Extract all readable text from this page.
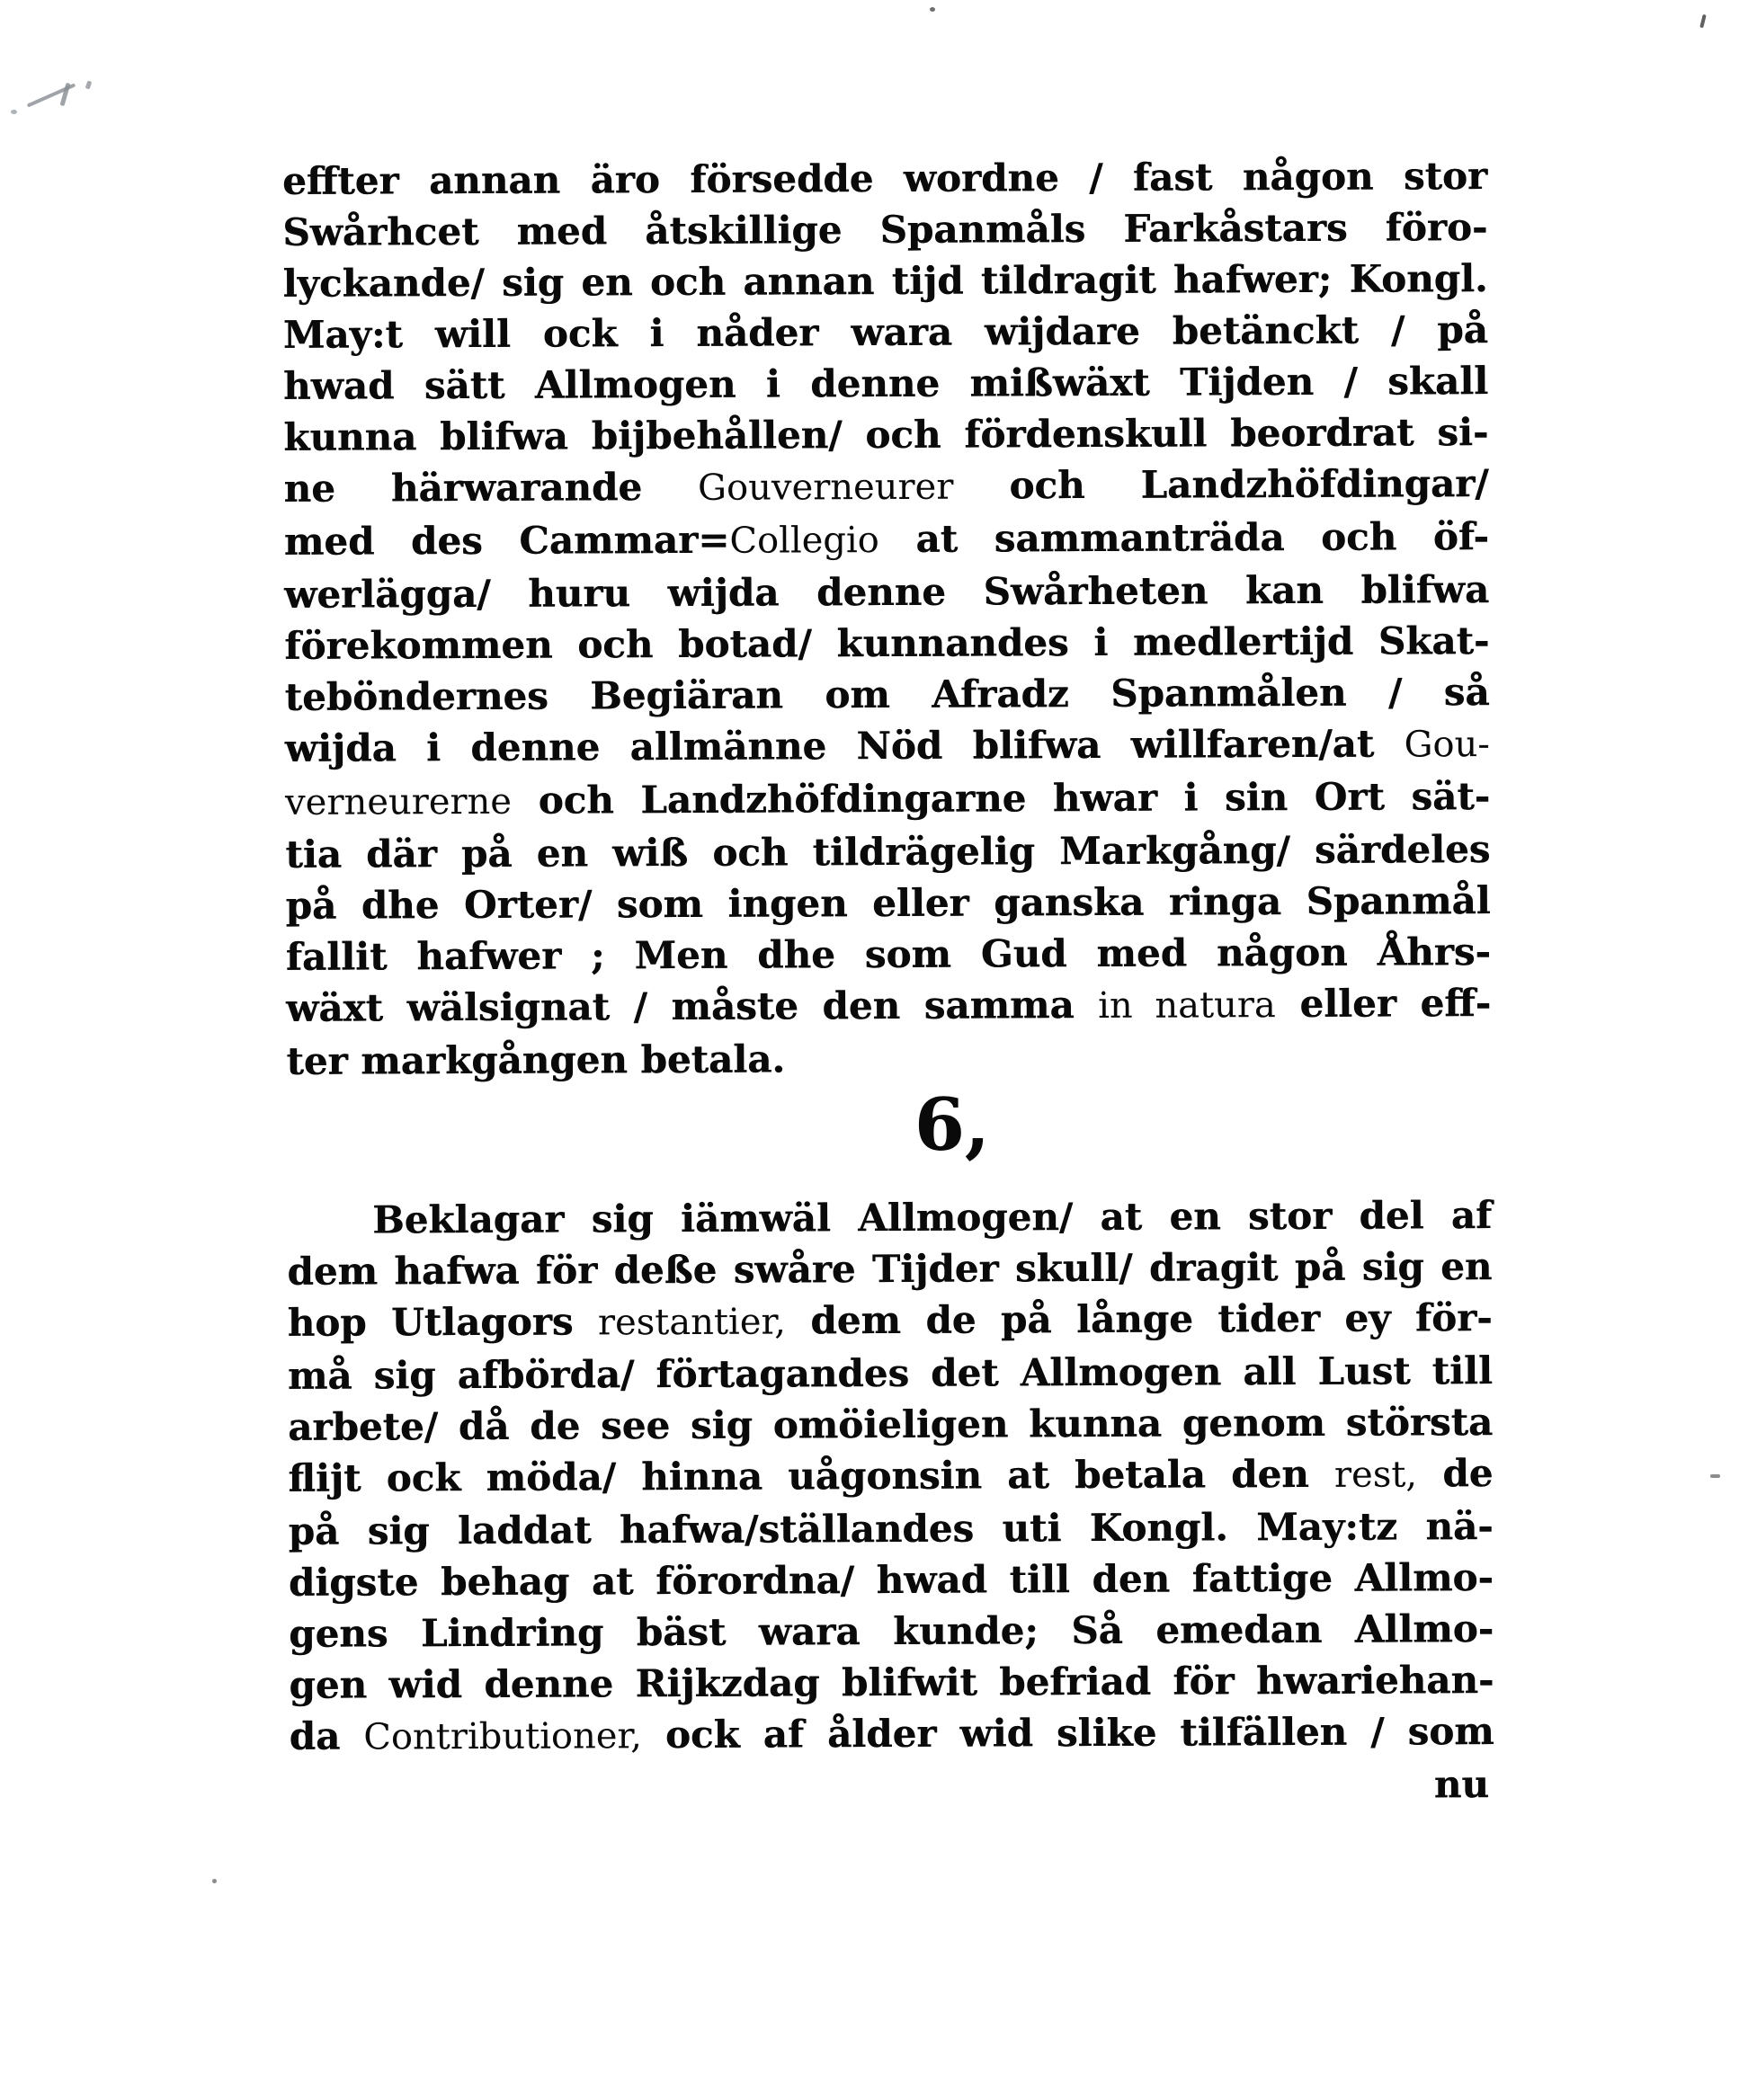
effter annan äro försedde wordne / fast någon stor
Swårhcet med åtskillige Spanmåls Farkåstars föro-
lyckande/ sig en och annan tijd tildragit hafwer; Kongl.
May:t will ock i nåder wara wijdare betänckt / på
hwad sätt Allmogen i denne mißwäxt Tijden / skall
kunna blifwa bijbehållen/ och fördenskull beordrat si-
ne härwarande Gouverneurer och Landzhöfdingar/
med des Cammar=Collegio at sammanträda och öf-
werlägga/ huru wijda denne Swårheten kan blifwa
förekommen och botad/ kunnandes i medlertijd Skat-
teböndernes Begiäran om Afradz Spanmålen / så
wijda i denne allmänne Nöd blifwa willfaren/at Gou-
verneurerne och Landzhöfdingarne hwar i sin Ort sät-
tia där på en wiß och tildrägelig Markgång/ särdeles
på dhe Orter/ som ingen eller ganska ringa Spanmål
fallit hafwer ; Men dhe som Gud med någon Åhrs-
wäxt wälsignat / måste den samma in natura eller eff-
ter markgången betala.
6,
Beklagar sig iämwäl Allmogen/ at en stor del af
dem hafwa för deße swåre Tijder skull/ dragit på sig en
hop Utlagors restantier, dem de på långe tider ey för-
må sig afbörda/ förtagandes det Allmogen all Lust till
arbete/ då de see sig omöieligen kunna genom största
flijt ock möda/ hinna uågonsin at betala den rest, de
på sig laddat hafwa/ställandes uti Kongl. May:tz nä-
digste behag at förordna/ hwad till den fattige Allmo-
gens Lindring bäst wara kunde; Så emedan Allmo-
gen wid denne Rijkzdag blifwit befriad för hwariehan-
da Contributioner, ock af ålder wid slike tilfällen / som
nu
